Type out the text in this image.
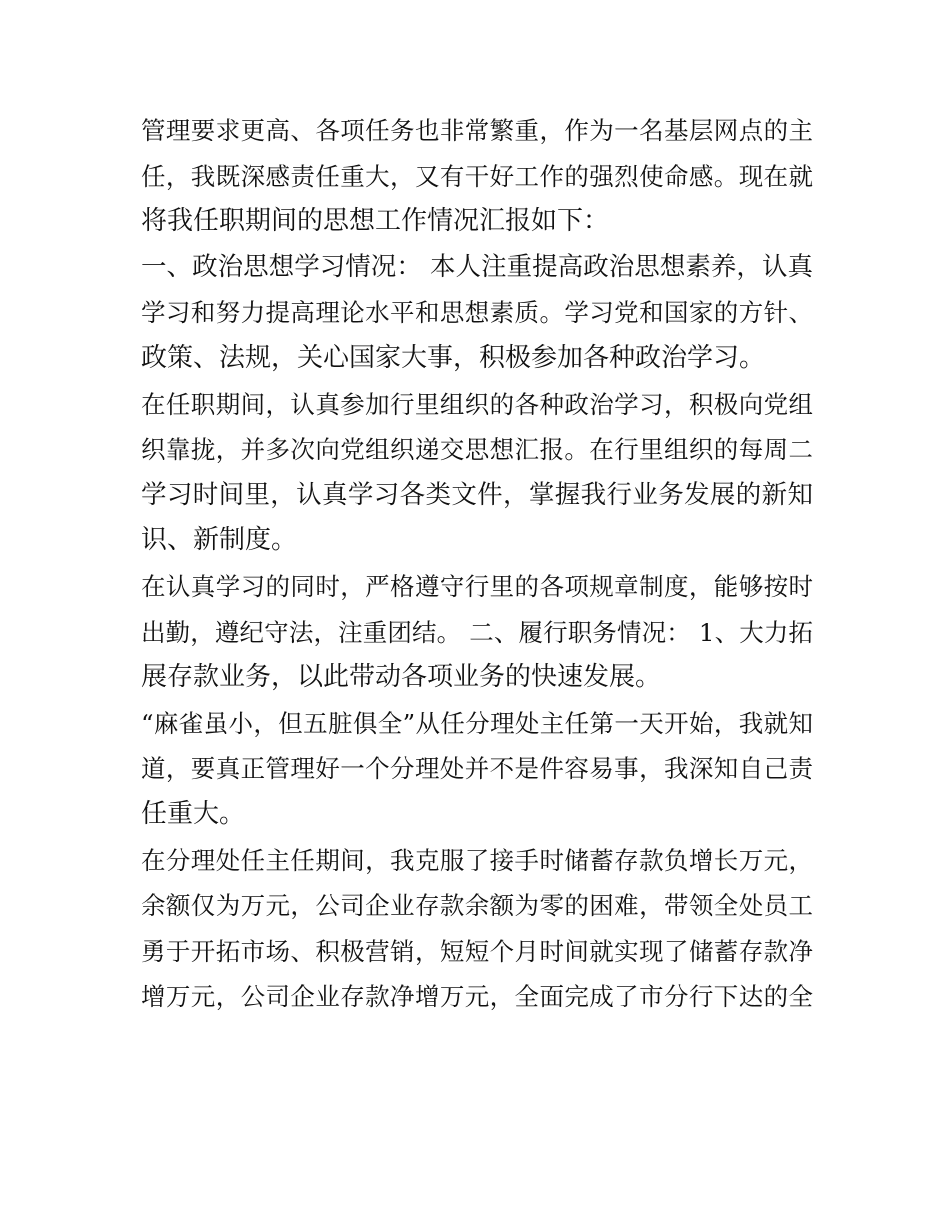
管理要求更高、各项任务也非常繁重，作为一名基层网点的主
任，我既深感责任重大，又有干好工作的强烈使命感。现在就
将我任职期间的思想工作情况汇报如下：
一、政治思想学习情况： 本人注重提高政治思想素养，认真
学习和努力提高理论水平和思想素质。学习党和国家的方针、
政策、法规，关心国家大事，积极参加各种政治学习。
在任职期间，认真参加行里组织的各种政治学习，积极向党组
织靠拢，并多次向党组织递交思想汇报。在行里组织的每周二
学习时间里，认真学习各类文件，掌握我行业务发展的新知
识、新制度。
在认真学习的同时，严格遵守行里的各项规章制度，能够按时
出勤，遵纪守法，注重团结。 二、履行职务情况： 1、大力拓
展存款业务，以此带动各项业务的快速发展。
“麻雀虽小，但五脏俱全”从任分理处主任第一天开始，我就知
道，要真正管理好一个分理处并不是件容易事，我深知自己责
任重大。
在分理处任主任期间，我克服了接手时储蓄存款负增长万元，
余额仅为万元，公司企业存款余额为零的困难，带领全处员工
勇于开拓市场、积极营销，短短个月时间就实现了储蓄存款净
增万元，公司企业存款净增万元，全面完成了市分行下达的全
